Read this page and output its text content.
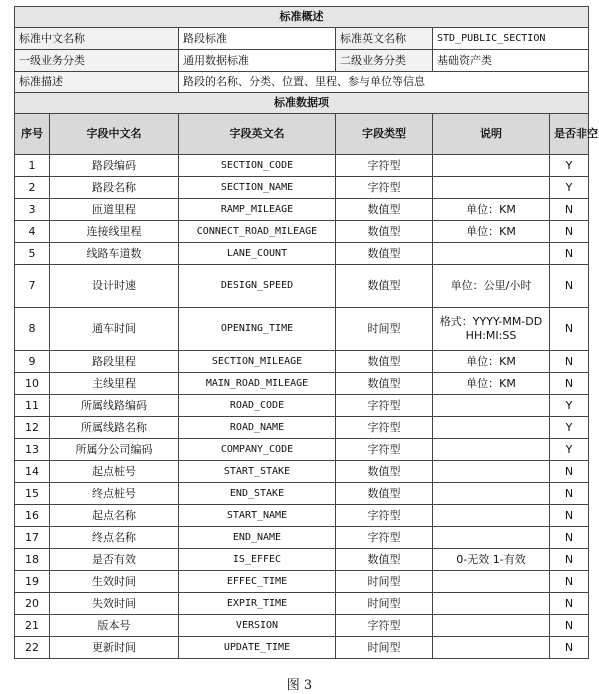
标准概述					
标准中文名称		路段标准	标准英文名称	STD_PUBLIC_SECTION	
一级业务分类		通用数据标准	二级业务分类	基础资产类	
标准描述		路段的名称、分类、位置、里程、参与单位等信息			
标准数据项					
序号	字段中文名	字段英文名	字段类型	说明	是否非空
1	路段编码	SECTION_CODE	字符型		Y
2	路段名称	SECTION_NAME	字符型		Y
3	匝道里程	RAMP_MILEAGE	数值型	单位：KM	N
4	连接线里程	CONNECT_ROAD_MILEAGE	数值型	单位：KM	N
5	线路车道数	LANE_COUNT	数值型		N
7	设计时速	DESIGN_SPEED	数值型	单位：公里/小时	N
8	通车时间	OPENING_TIME	时间型	格式：YYYY-MM-DD HH:MI:SS	N
9	路段里程	SECTION_MILEAGE	数值型	单位：KM	N
10	主线里程	MAIN_ROAD_MILEAGE	数值型	单位：KM	N
11	所属线路编码	ROAD_CODE	字符型		Y
12	所属线路名称	ROAD_NAME	字符型		Y
13	所属分公司编码	COMPANY_CODE	字符型		Y
14	起点桩号	START_STAKE	数值型		N
15	终点桩号	END_STAKE	数值型		N
16	起点名称	START_NAME	字符型		N
17	终点名称	END_NAME	字符型		N
18	是否有效	IS_EFFEC	数值型	0-无效 1-有效	N
19	生效时间	EFFEC_TIME	时间型		N
20	失效时间	EXPIR_TIME	时间型		N
21	版本号	VERSION	字符型		N
22	更新时间	UPDATE_TIME	时间型		N
图 3
